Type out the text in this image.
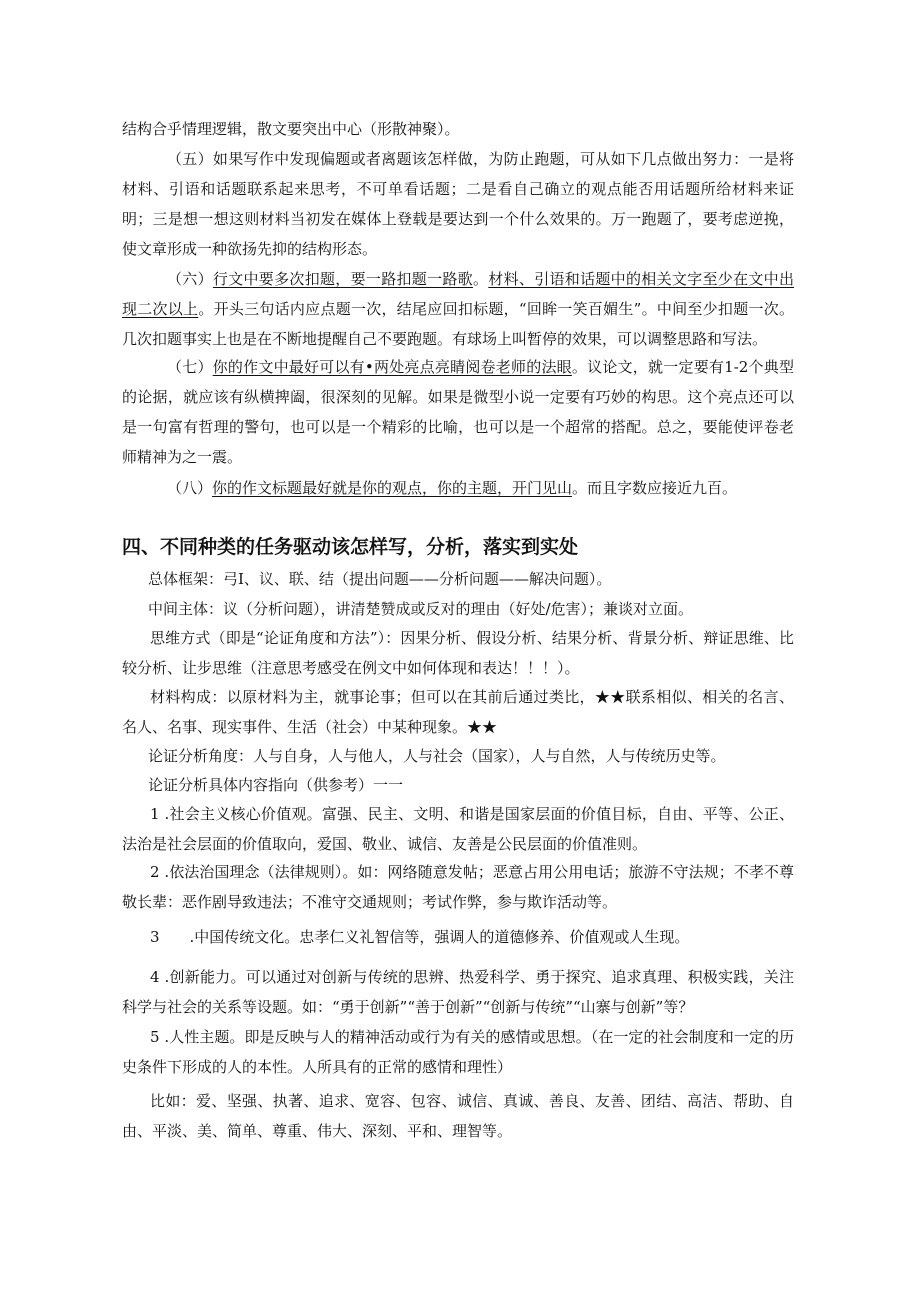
结构合乎情理逻辑，散文要突出中心（形散神聚）。
（五）如果写作中发现偏题或者离题该怎样做，为防止跑题，可从如下几点做出努力：一是将材料、引语和话题联系起来思考，不可单看话题；二是看自己确立的观点能否用话题所给材料来证明；三是想一想这则材料当初发在媒体上登载是要达到一个什么效果的。万一跑题了，要考虑逆挽，使文章形成一种欲扬先抑的结构形态。
（六）行文中要多次扣题，要一路扣题一路歌。材料、引语和话题中的相关文字至少在文中出现二次以上。开头三句话内应点题一次，结尾应回扣标题，“回眸一笑百媚生”。中间至少扣题一次。几次扣题事实上也是在不断地提醒自己不要跑题。有球场上叫暂停的效果，可以调整思路和写法。
（七）你的作文中最好可以有•两处亮点亮睛阅卷老师的法眼。议论文，就一定要有1-2个典型的论据，就应该有纵横捭阖，很深刻的见解。如果是微型小说一定要有巧妙的构思。这个亮点还可以是一句富有哲理的警句，也可以是一个精彩的比喻，也可以是一个超常的搭配。总之，要能使评卷老师精神为之一震。
（八）你的作文标题最好就是你的观点，你的主题，开门见山。而且字数应接近九百。
四、不同种类的任务驱动该怎样写，分析，落实到实处
总体框架：弓I、议、联、结（提出问题——分析问题——解决问题）。
中间主体：议（分析问题），讲清楚赞成或反对的理由（好处/危害）；兼谈对立面。
思维方式（即是“论证角度和方法”）：因果分析、假设分析、结果分析、背景分析、辩证思维、比较分析、让步思维（注意思考感受在例文中如何体现和表达！！！）。
材料构成：以原材料为主，就事论事；但可以在其前后通过类比，★★联系相似、相关的名言、名人、名事、现实事件、生活（社会）中某种现象。★★
论证分析角度：人与自身，人与他人，人与社会（国家），人与自然，人与传统历史等。
论证分析具体内容指向（供参考）一一
1 .社会主义核心价值观。富强、民主、文明、和谐是国家层面的价值目标，自由、平等、公正、法治是社会层面的价值取向，爱国、敬业、诚信、友善是公民层面的价值准则。
2 .依法治国理念（法律规则）。如：网络随意发帖；恶意占用公用电话；旅游不守法规；不孝不尊敬长辈：恶作剧导致违法；不准守交通规则；考试作弊，参与欺诈活动等。
3　　.中国传统文化。忠孝仁义礼智信等，强调人的道德修养、价值观或人生现。
4 .创新能力。可以通过对创新与传统的思辨、热爱科学、勇于探究、追求真理、积极实践，关注科学与社会的关系等设题。如：“勇于创新”“善于创新”“创新与传统”“山寨与创新”等？
5 .人性主题。即是反映与人的精神活动或行为有关的感情或思想。（在一定的社会制度和一定的历史条件下形成的人的本性。人所具有的正常的感情和理性）
比如：爱、坚强、执著、追求、宽容、包容、诚信、真诚、善良、友善、团结、高洁、帮助、自由、平淡、美、简单、尊重、伟大、深刻、平和、理智等。
